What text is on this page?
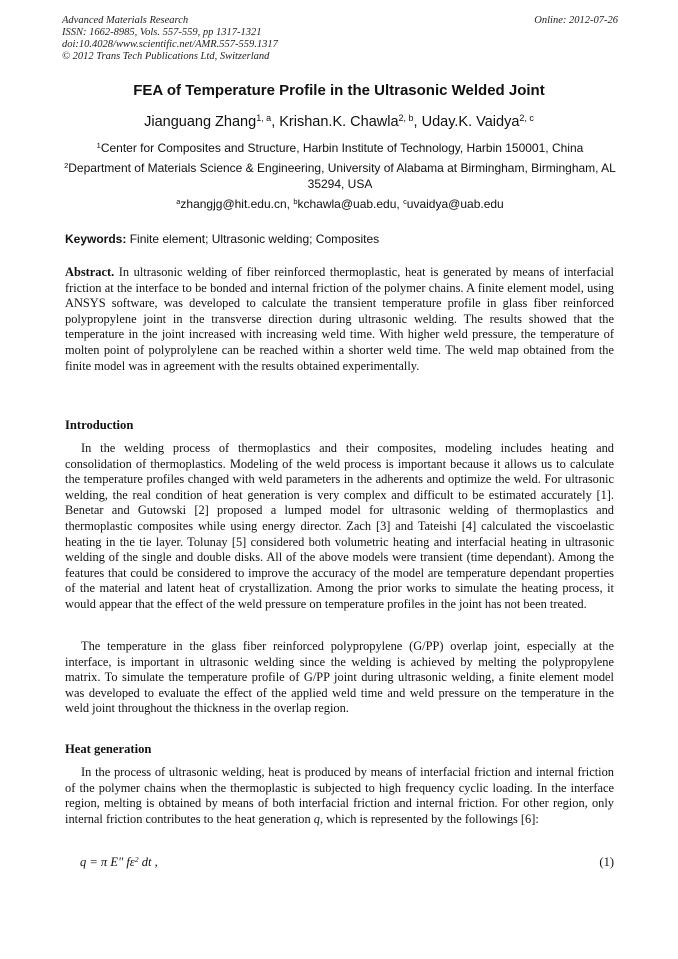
Advanced Materials Research
ISSN: 1662-8985, Vols. 557-559, pp 1317-1321
doi:10.4028/www.scientific.net/AMR.557-559.1317
© 2012 Trans Tech Publications Ltd, Switzerland
Online: 2012-07-26
FEA of Temperature Profile in the Ultrasonic Welded Joint
Jianguang Zhang$^{1, a}$, Krishan.K. Chawla$^{2, b}$, Uday.K. Vaidya$^{2, c}$
$^1$Center for Composites and Structure, Harbin Institute of Technology, Harbin 150001, China
$^2$Department of Materials Science & Engineering, University of Alabama at Birmingham, Birmingham, AL 35294, USA
$^a$zhangjg@hit.edu.cn, $^b$kchawla@uab.edu, $^c$uvaidya@uab.edu
Keywords: Finite element; Ultrasonic welding; Composites

Abstract. In ultrasonic welding of fiber reinforced thermoplastic, heat is generated by means of interfacial friction at the interface to be bonded and internal friction of the polymer chains. A finite element model, using ANSYS software, was developed to calculate the transient temperature profile in glass fiber reinforced polypropylene joint in the transverse direction during ultrasonic welding. The results showed that the temperature in the joint increased with increasing weld time. With higher weld pressure, the temperature of molten point of polyprolylene can be reached within a shorter weld time. The weld map obtained from the finite model was in agreement with the results obtained experimentally.

Introduction

In the welding process of thermoplastics and their composites, modeling includes heating and consolidation of thermoplastics. Modeling of the weld process is important because it allows us to calculate the temperature profiles changed with weld parameters in the adherents and optimize the weld. For ultrasonic welding, the real condition of heat generation is very complex and difficult to be estimated accurately [1]. Benetar and Gutowski [2] proposed a lumped model for ultrasonic welding of thermoplastics and thermoplastic composites while using energy director. Zach [3] and Tateishi [4] calculated the viscoelastic heating in the tie layer. Tolunay [5] considered both volumetric heating and interfacial heating in ultrasonic welding of the single and double disks. All of the above models were transient (time dependant). Among the features that could be considered to improve the accuracy of the model are temperature dependant properties of the material and latent heat of crystallization. Among the prior works to simulate the heating process, it would appear that the effect of the weld pressure on temperature profiles in the joint has not been treated.

The temperature in the glass fiber reinforced polypropylene (G/PP) overlap joint, especially at the interface, is important in ultrasonic welding since the welding is achieved by melting the polypropylene matrix. To simulate the temperature profile of G/PP joint during ultrasonic welding, a finite element model was developed to evaluate the effect of the applied weld time and weld pressure on the temperature in the weld joint throughout the thickness in the overlap region.

Heat generation

In the process of ultrasonic welding, heat is produced by means of interfacial friction and internal friction of the polymer chains when the thermoplastic is subjected to high frequency cyclic loading. In the interface region, melting is obtained by means of both interfacial friction and internal friction. For other region, only internal friction contributes to the heat generation q, which is represented by the followings [6]:

q = π E" $f\varepsilon^2$ dt ,	(1)
